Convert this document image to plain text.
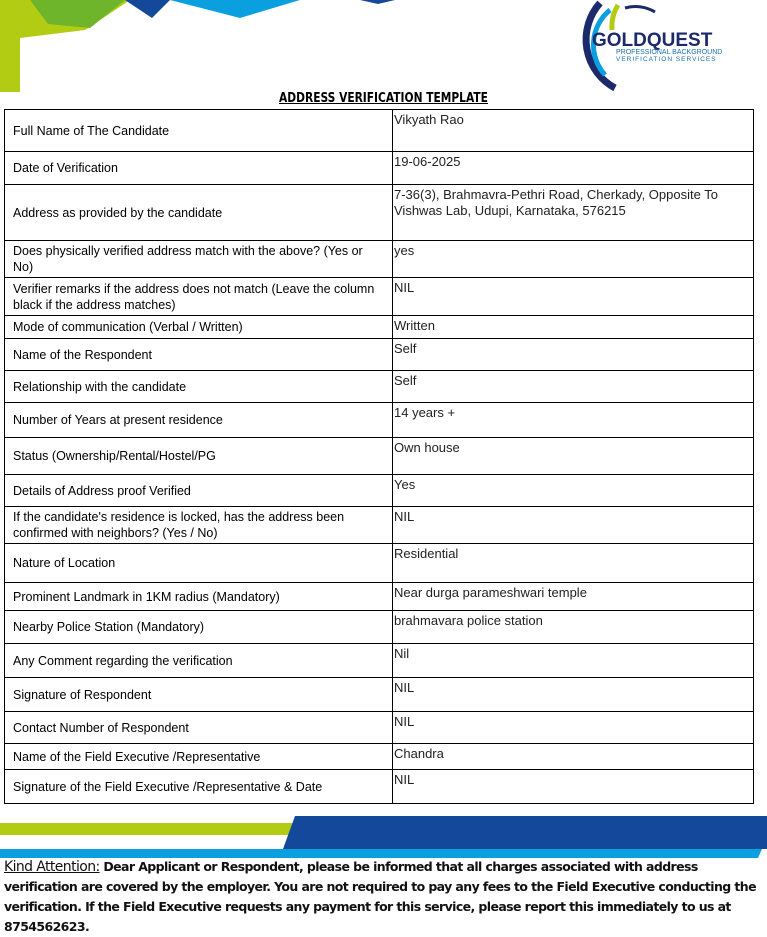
GOLDQUEST
PROFESSIONAL BACKGROUND
VERIFICATION SERVICES
ADDRESS VERIFICATION TEMPLATE
Full Name of The Candidate	Vikyath Rao
Date of Verification	19-06-2025
Address as provided by the candidate	7-36(3), Brahmavra-Pethri Road, Cherkady, Opposite To Vishwas Lab, Udupi, Karnataka, 576215
Does physically verified address match with the above? (Yes or No)	yes
Verifier remarks if the address does not match (Leave the column black if the address matches)	NIL
Mode of communication (Verbal / Written)	Written
Name of the Respondent	Self
Relationship with the candidate	Self
Number of Years at present residence	14 years +
Status (Ownership/Rental/Hostel/PG	Own house
Details of Address proof Verified	Yes
If the candidate's residence is locked, has the address been confirmed with neighbors? (Yes / No)	NIL
Nature of Location	Residential
Prominent Landmark in 1KM radius (Mandatory)	Near durga parameshwari temple
Nearby Police Station (Mandatory)	brahmavara police station
Any Comment regarding the verification	Nil
Signature of Respondent	NIL
Contact Number of Respondent	NIL
Name of the Field Executive /Representative	Chandra
Signature of the Field Executive /Representative & Date	NIL
Kind Attention: Dear Applicant or Respondent, please be informed that all charges associated with address verification are covered by the employer. You are not required to pay any fees to the Field Executive conducting the verification. If the Field Executive requests any payment for this service, please report this immediately to us at 8754562623.
